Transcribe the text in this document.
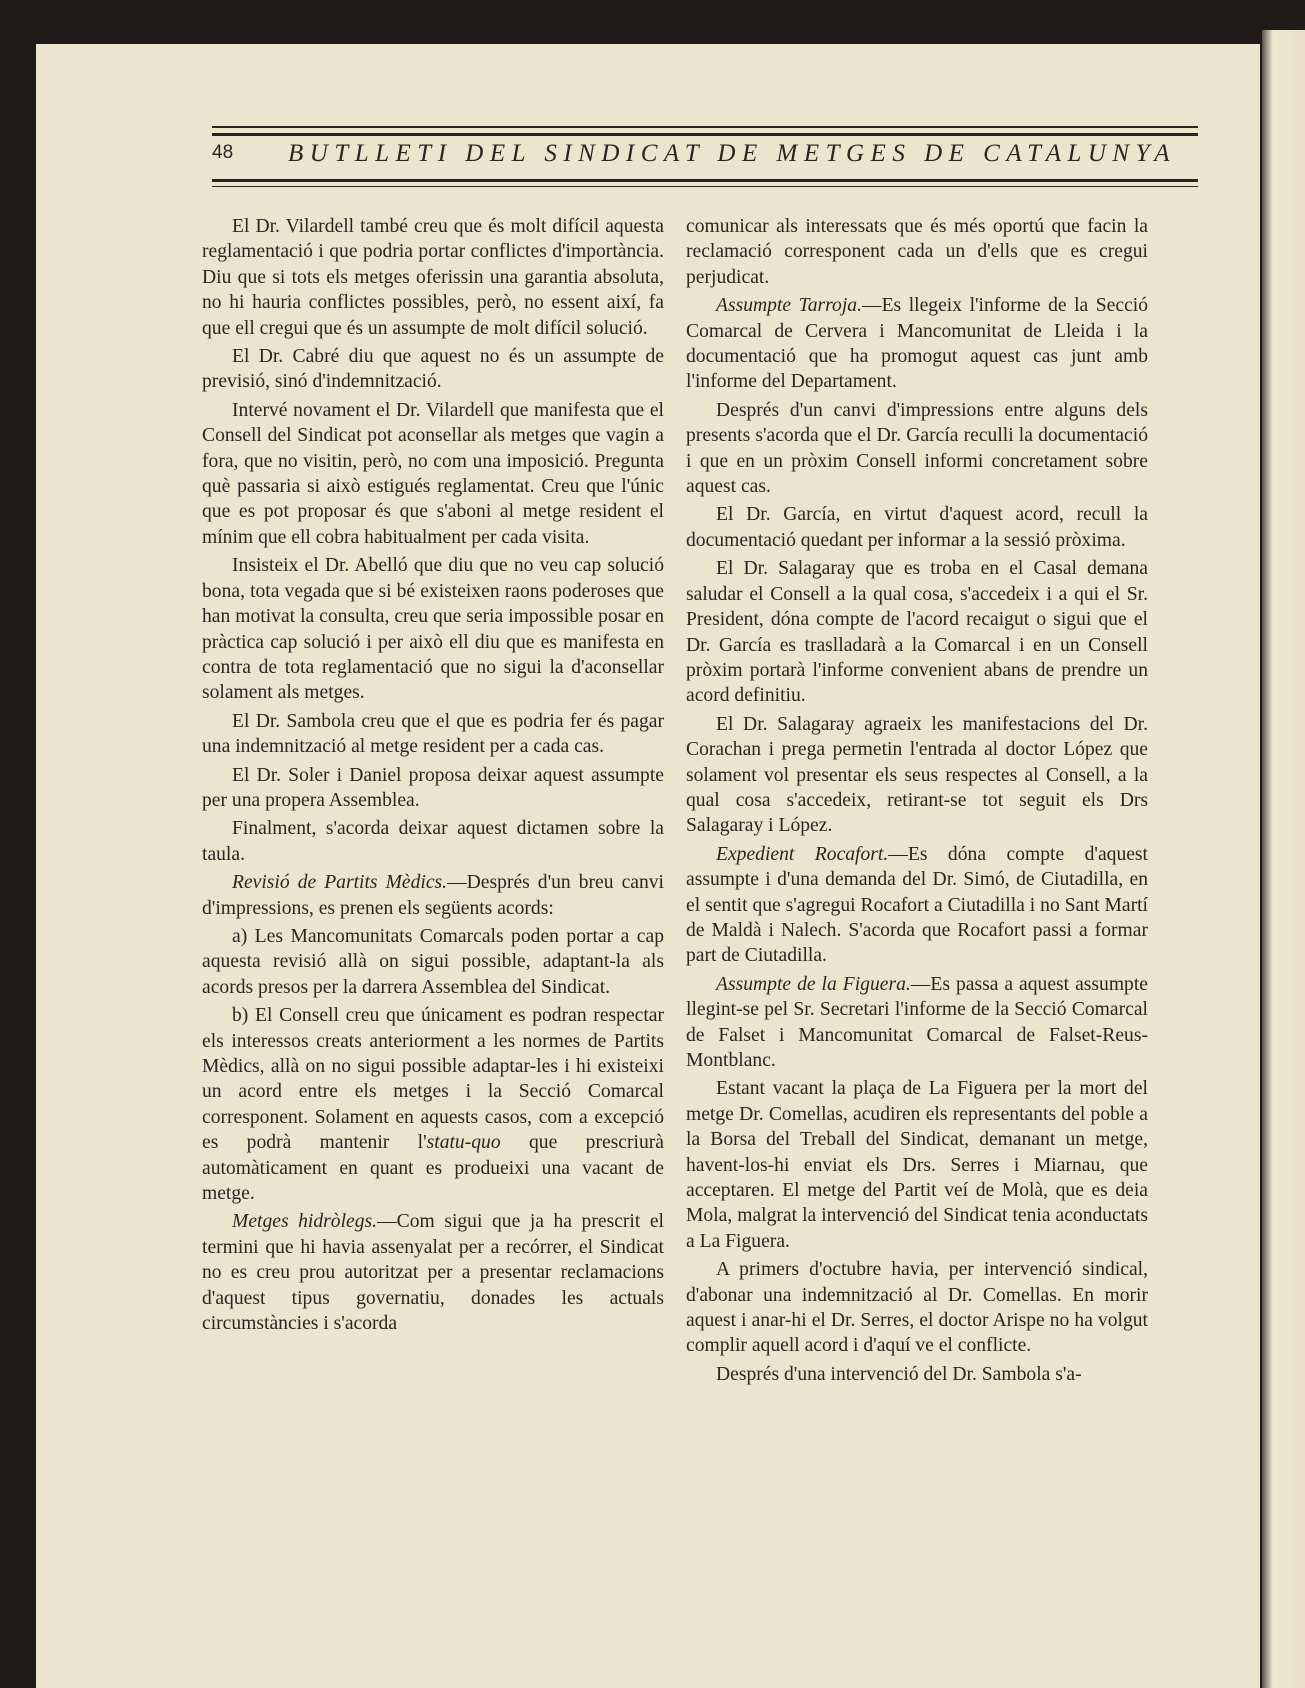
48 BUTLLETI DEL SINDICAT DE METGES DE CATALUNYA

El Dr. Vilardell també creu que és molt difícil aquesta reglamentació i que podria portar conflictes d'importància. Diu que si tots els metges oferissin una garantia absoluta, no hi hauria conflictes possibles, però, no essent així, fa que ell cregui que és un assumpte de molt difícil solució.

El Dr. Cabré diu que aquest no és un assumpte de previsió, sinó d'indemnització.

Intervé novament el Dr. Vilardell que manifesta que el Consell del Sindicat pot aconsellar als metges que vagin a fora, que no visitin, però, no com una imposició. Pregunta què passaria si això estigués reglamentat. Creu que l'únic que es pot proposar és que s'aboni al metge resident el mínim que ell cobra habitualment per cada visita.

Insisteix el Dr. Abelló que diu que no veu cap solució bona, tota vegada que si bé existeixen raons poderoses que han motivat la consulta, creu que seria impossible posar en pràctica cap solució i per això ell diu que es manifesta en contra de tota reglamentació que no sigui la d'aconsellar solament als metges.

El Dr. Sambola creu que el que es podria fer és pagar una indemnització al metge resident per a cada cas.

El Dr. Soler i Daniel proposa deixar aquest assumpte per una propera Assemblea.

Finalment, s'acorda deixar aquest dictamen sobre la taula.

Revisió de Partits Mèdics.—Després d'un breu canvi d'impressions, es prenen els següents acords:

a) Les Mancomunitats Comarcals poden portar a cap aquesta revisió allà on sigui possible, adaptant-la als acords presos per la darrera Assemblea del Sindicat.

b) El Consell creu que únicament es podran respectar els interessos creats anteriorment a les normes de Partits Mèdics, allà on no sigui possible adaptar-les i hi existeixi un acord entre els metges i la Secció Comarcal corresponent. Solament en aquests casos, com a excepció es podrà mantenir l'statu-quo que prescriurà automàticament en quant es produeixi una vacant de metge.

Metges hidròlegs.—Com sigui que ja ha prescrit el termini que hi havia assenyalat per a recórrer, el Sindicat no es creu prou autoritzat per a presentar reclamacions d'aquest tipus governatiu, donades les actuals circumstàncies i s'acorda

comunicar als interessats que és més oportú que facin la reclamació corresponent cada un d'ells que es cregui perjudicat.

Assumpte Tarroja.—Es llegeix l'informe de la Secció Comarcal de Cervera i Mancomunitat de Lleida i la documentació que ha promogut aquest cas junt amb l'informe del Departament.

Després d'un canvi d'impressions entre alguns dels presents s'acorda que el Dr. García reculli la documentació i que en un pròxim Consell informi concretament sobre aquest cas.

El Dr. García, en virtut d'aquest acord, recull la documentació quedant per informar a la sessió pròxima.

El Dr. Salagaray que es troba en el Casal demana saludar el Consell a la qual cosa, s'accedeix i a qui el Sr. President, dóna compte de l'acord recaigut o sigui que el Dr. García es traslladarà a la Comarcal i en un Consell pròxim portarà l'informe convenient abans de prendre un acord definitiu.

El Dr. Salagaray agraeix les manifestacions del Dr. Corachan i prega permetin l'entrada al doctor López que solament vol presentar els seus respectes al Consell, a la qual cosa s'accedeix, retirant-se tot seguit els Drs Salagaray i López.

Expedient Rocafort.—Es dóna compte d'aquest assumpte i d'una demanda del Dr. Simó, de Ciutadilla, en el sentit que s'agregui Rocafort a Ciutadilla i no Sant Martí de Maldà i Nalech. S'acorda que Rocafort passi a formar part de Ciutadilla.

Assumpte de la Figuera.—Es passa a aquest assumpte llegint-se pel Sr. Secretari l'informe de la Secció Comarcal de Falset i Mancomunitat Comarcal de Falset-Reus-Montblanc.

Estant vacant la plaça de La Figuera per la mort del metge Dr. Comellas, acudiren els representants del poble a la Borsa del Treball del Sindicat, demanant un metge, havent-los-hi enviat els Drs. Serres i Miarnau, que acceptaren. El metge del Partit veí de Molà, que es deia Mola, malgrat la intervenció del Sindicat tenia aconductats a La Figuera.

A primers d'octubre havia, per intervenció sindical, d'abonar una indemnització al Dr. Comellas. En morir aquest i anar-hi el Dr. Serres, el doctor Arispe no ha volgut complir aquell acord i d'aquí ve el conflicte.

Després d'una intervenció del Dr. Sambola s'a-
